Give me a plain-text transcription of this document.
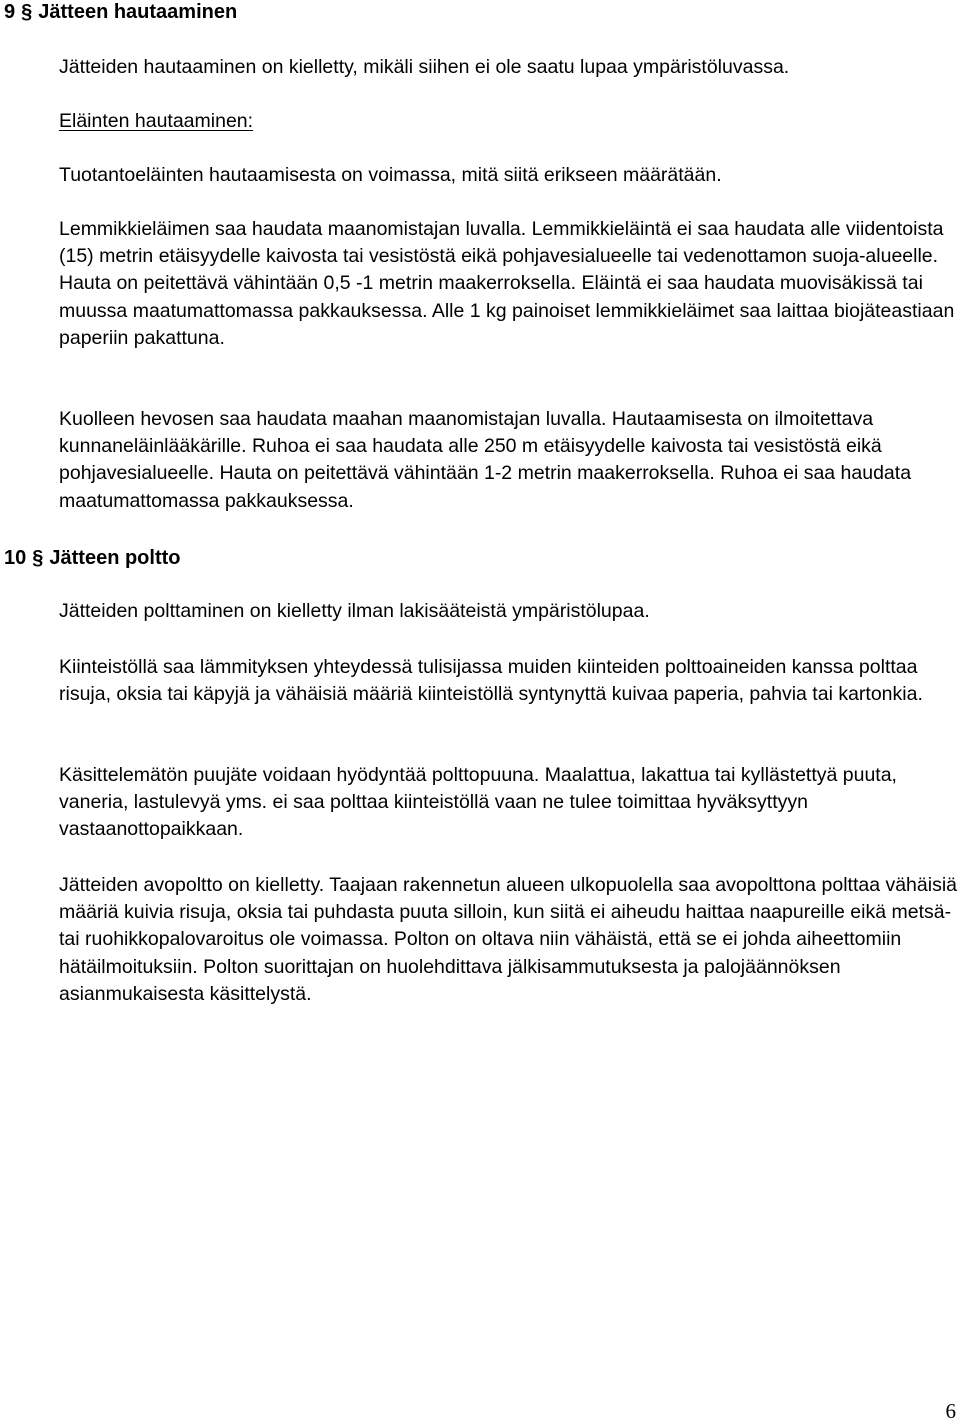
9 § Jätteen hautaaminen

Jätteiden hautaaminen on kielletty, mikäli siihen ei ole saatu lupaa ympäristöluvassa.

Eläinten hautaaminen:

Tuotantoeläinten hautaamisesta on voimassa, mitä siitä erikseen määrätään.

Lemmikkieläimen saa haudata maanomistajan luvalla. Lemmikkieläintä ei saa haudata alle viidentoista (15) metrin etäisyydelle kaivosta tai vesistöstä eikä pohjavesialueelle tai vedenottamon suoja-alueelle. Hauta on peitettävä vähintään 0,5 -1 metrin maakerroksella. Eläintä ei saa haudata muovisäkissä tai muussa maatumattomassa pakkauksessa. Alle 1 kg painoiset lemmikkieläimet saa laittaa biojäteastiaan paperiin pakattuna.

Kuolleen hevosen saa haudata maahan maanomistajan luvalla. Hautaamisesta on ilmoitettava kunnaneläinlääkärille. Ruhoa ei saa haudata alle 250 m etäisyydelle kaivosta tai vesistöstä eikä pohjavesialueelle. Hauta on peitettävä vähintään 1-2 metrin maakerroksella. Ruhoa ei saa haudata maatumattomassa pakkauksessa.

10 § Jätteen poltto

Jätteiden polttaminen on kielletty ilman lakisääteistä ympäristölupaa.

Kiinteistöllä saa lämmityksen yhteydessä tulisijassa muiden kiinteiden polttoaineiden kanssa polttaa risuja, oksia tai käpyjä ja vähäisiä määriä kiinteistöllä syntynyttä kuivaa paperia, pahvia tai kartonkia.

Käsittelemätön puujäte voidaan hyödyntää polttopuuna. Maalattua, lakattua tai kyllästettyä puuta, vaneria, lastulevyä yms. ei saa polttaa kiinteistöllä vaan ne tulee toimittaa hyväksyttyyn vastaanottopaikkaan.

Jätteiden avopoltto on kielletty. Taajaan rakennetun alueen ulkopuolella saa avopolttona polttaa vähäisiä määriä kuivia risuja, oksia tai puhdasta puuta silloin, kun siitä ei aiheudu haittaa naapureille eikä metsä- tai ruohikkopalovaroitus ole voimassa. Polton on oltava niin vähäistä, että se ei johda aiheettomiin hätäilmoituksiin. Polton suorittajan on huolehdittava jälkisammutuksesta ja palojäännöksen asianmukaisesta käsittelystä.

6
